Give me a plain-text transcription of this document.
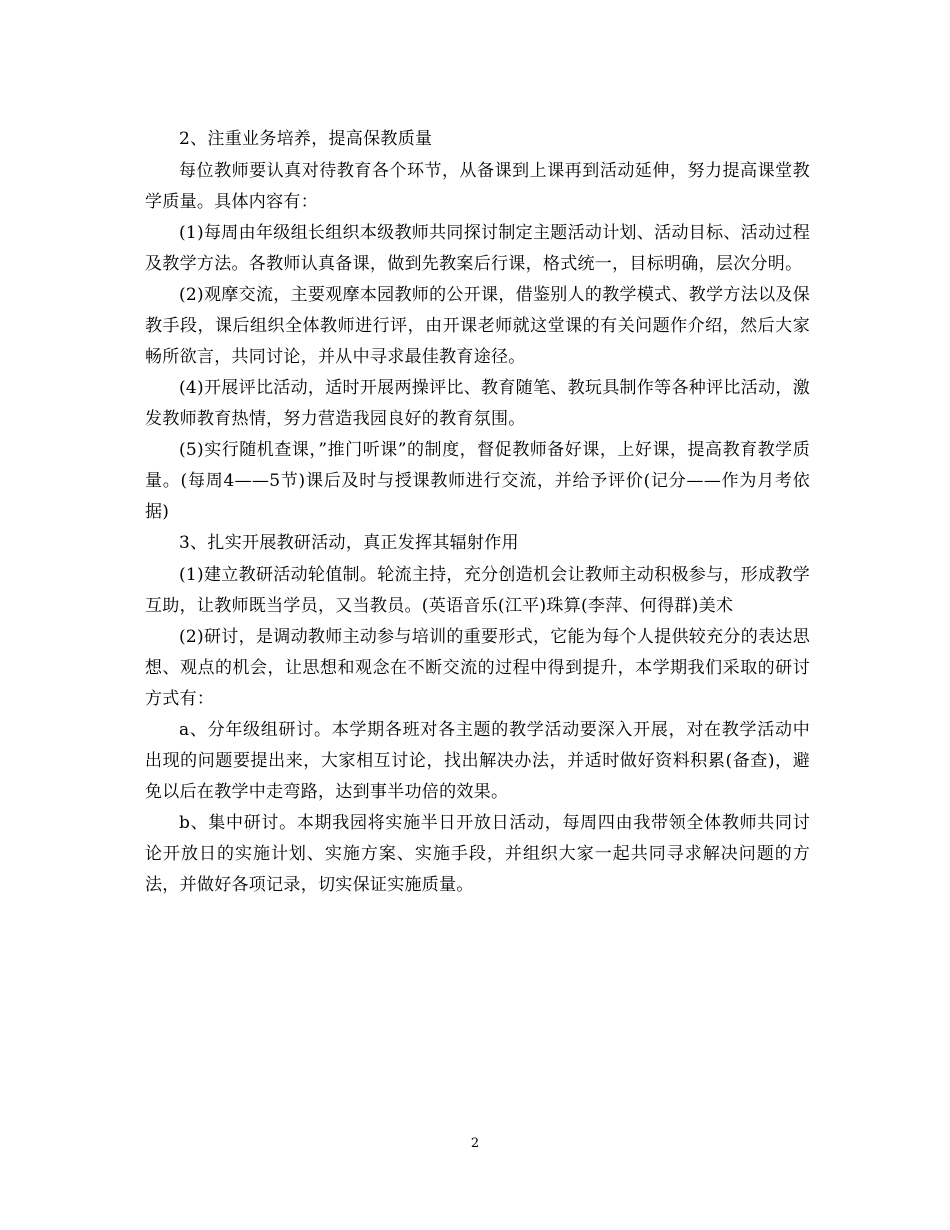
2、注重业务培养，提高保教质量

每位教师要认真对待教育各个环节，从备课到上课再到活动延伸，努力提高课堂教学质量。具体内容有：

(1)每周由年级组长组织本级教师共同探讨制定主题活动计划、活动目标、活动过程及教学方法。各教师认真备课，做到先教案后行课，格式统一，目标明确，层次分明。

(2)观摩交流，主要观摩本园教师的公开课，借鉴别人的教学模式、教学方法以及保教手段，课后组织全体教师进行评，由开课老师就这堂课的有关问题作介绍，然后大家畅所欲言，共同讨论，并从中寻求最佳教育途径。

(4)开展评比活动，适时开展两操评比、教育随笔、教玩具制作等各种评比活动，激发教师教育热情，努力营造我园良好的教育氛围。

(5)实行随机查课，”推门听课”的制度，督促教师备好课，上好课，提高教育教学质量。(每周4——5节)课后及时与授课教师进行交流，并给予评价(记分——作为月考依据)

3、扎实开展教研活动，真正发挥其辐射作用

(1)建立教研活动轮值制。轮流主持，充分创造机会让教师主动积极参与，形成教学互助，让教师既当学员，又当教员。(英语音乐(江平)珠算(李萍、何得群)美术

(2)研讨，是调动教师主动参与培训的重要形式，它能为每个人提供较充分的表达思想、观点的机会，让思想和观念在不断交流的过程中得到提升，本学期我们采取的研讨方式有：

a、分年级组研讨。本学期各班对各主题的教学活动要深入开展，对在教学活动中出现的问题要提出来，大家相互讨论，找出解决办法，并适时做好资料积累(备查)，避免以后在教学中走弯路，达到事半功倍的效果。

b、集中研讨。本期我园将实施半日开放日活动，每周四由我带领全体教师共同讨论开放日的实施计划、实施方案、实施手段，并组织大家一起共同寻求解决问题的方法，并做好各项记录，切实保证实施质量。

2
